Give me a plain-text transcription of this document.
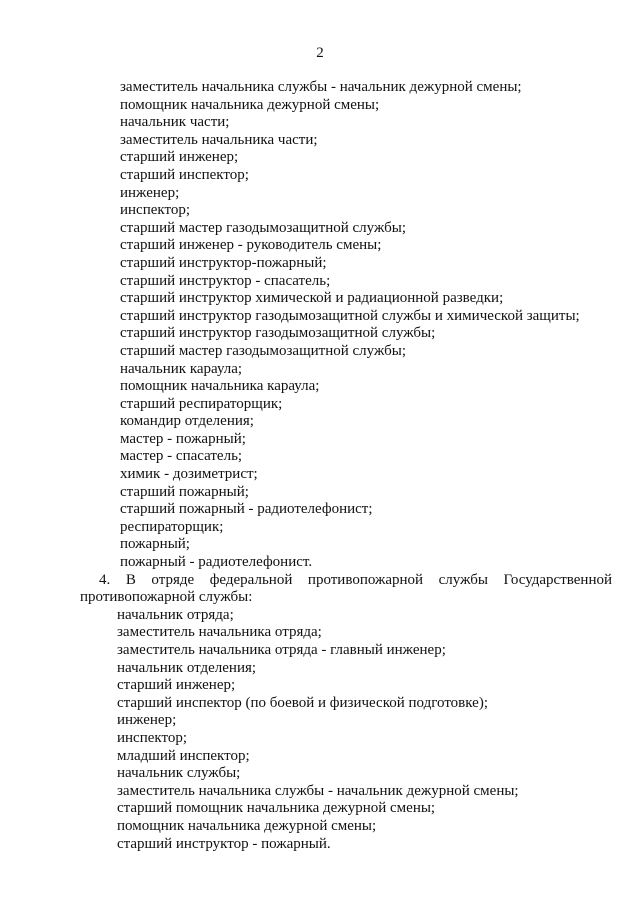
2
заместитель начальника службы - начальник дежурной смены;
помощник начальника дежурной смены;
начальник части;
заместитель начальника части;
старший инженер;
старший инспектор;
инженер;
инспектор;
старший мастер газодымозащитной службы;
старший инженер - руководитель смены;
старший инструктор-пожарный;
старший инструктор - спасатель;
старший инструктор химической и радиационной разведки;
старший инструктор газодымозащитной службы и химической защиты;
старший инструктор газодымозащитной службы;
старший мастер газодымозащитной службы;
начальник караула;
помощник начальника караула;
старший респираторщик;
командир отделения;
мастер - пожарный;
мастер - спасатель;
химик - дозиметрист;
старший пожарный;
старший пожарный - радиотелефонист;
респираторщик;
пожарный;
пожарный - радиотелефонист.

4. В отряде федеральной противопожарной службы Государственной противопожарной службы:

начальник отряда;
заместитель начальника отряда;
заместитель начальника отряда - главный инженер;
начальник отделения;
старший инженер;
старший инспектор (по боевой и физической подготовке);
инженер;
инспектор;
младший инспектор;
начальник службы;
заместитель начальника службы - начальник дежурной смены;
старший помощник начальника дежурной смены;
помощник начальника дежурной смены;
старший инструктор - пожарный.
